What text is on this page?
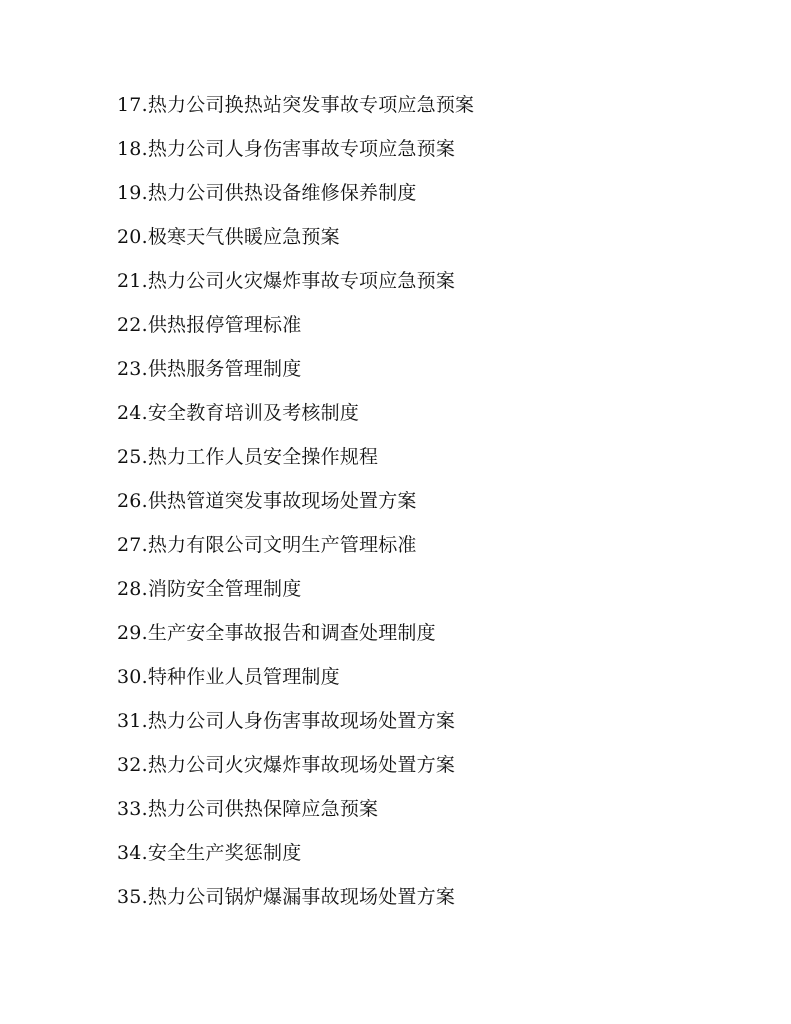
17.热力公司换热站突发事故专项应急预案
18.热力公司人身伤害事故专项应急预案
19.热力公司供热设备维修保养制度
20.极寒天气供暖应急预案
21.热力公司火灾爆炸事故专项应急预案
22.供热报停管理标准
23.供热服务管理制度
24.安全教育培训及考核制度
25.热力工作人员安全操作规程
26.供热管道突发事故现场处置方案
27.热力有限公司文明生产管理标准
28.消防安全管理制度
29.生产安全事故报告和调查处理制度
30.特种作业人员管理制度
31.热力公司人身伤害事故现场处置方案
32.热力公司火灾爆炸事故现场处置方案
33.热力公司供热保障应急预案
34.安全生产奖惩制度
35.热力公司锅炉爆漏事故现场处置方案
